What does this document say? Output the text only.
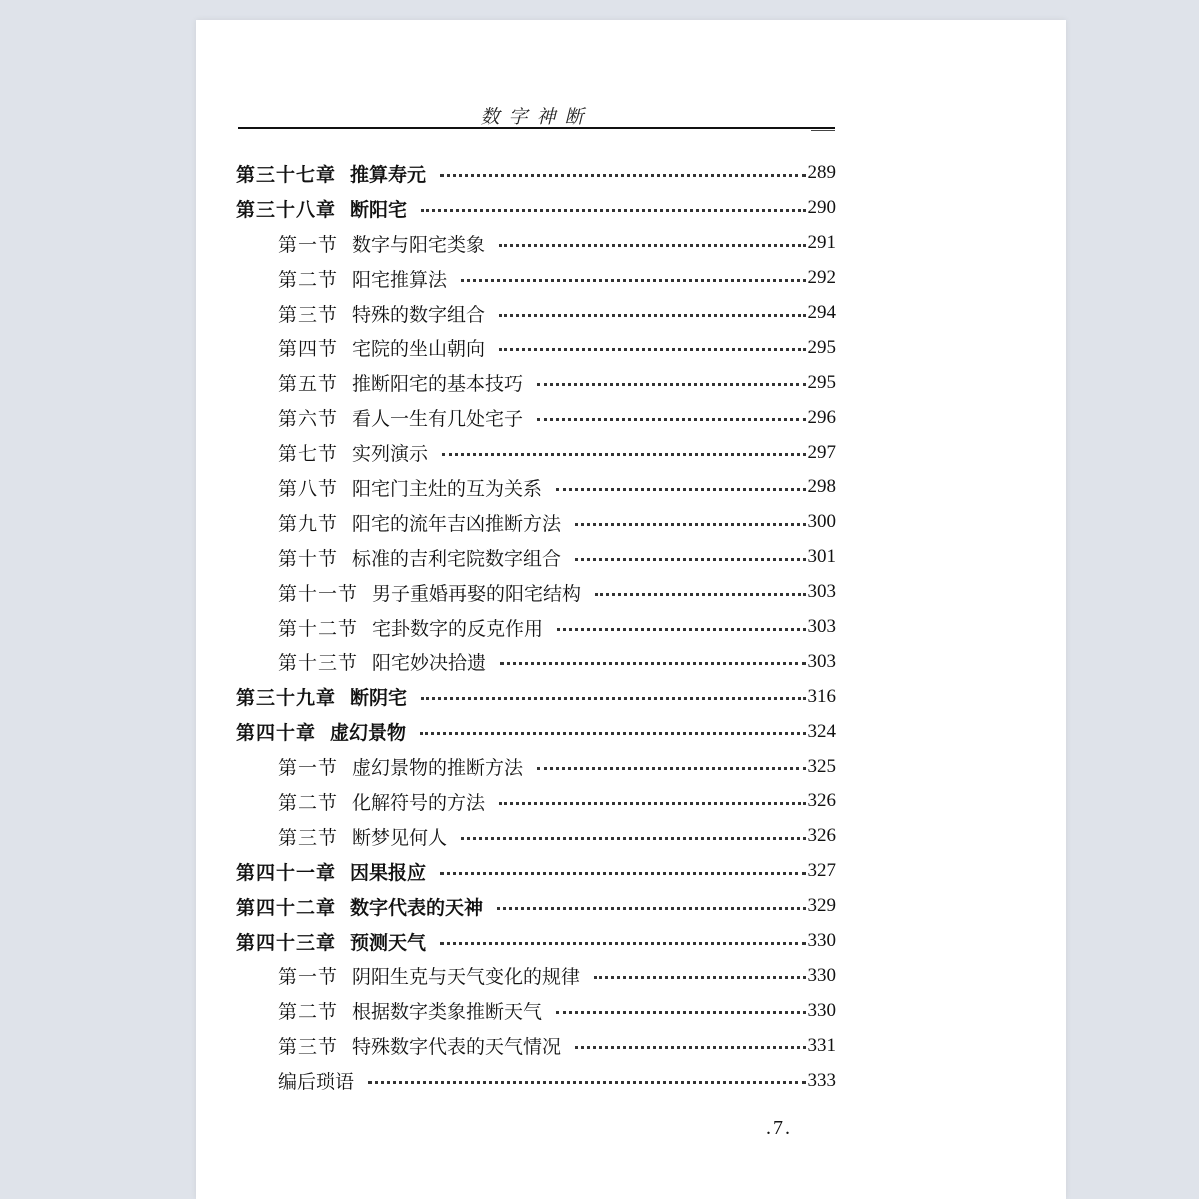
数字神断
第三十七章 推算寿元	289
第三十八章 断阳宅	290
第一节 数字与阳宅类象	291
第二节 阳宅推算法	292
第三节 特殊的数字组合	294
第四节 宅院的坐山朝向	295
第五节 推断阳宅的基本技巧	295
第六节 看人一生有几处宅子	296
第七节 实列演示	297
第八节 阳宅门主灶的互为关系	298
第九节 阳宅的流年吉凶推断方法	300
第十节 标准的吉利宅院数字组合	301
第十一节 男子重婚再娶的阳宅结构	303
第十二节 宅卦数字的反克作用	303
第十三节 阳宅妙决拾遗	303
第三十九章 断阴宅	316
第四十章 虚幻景物	324
第一节 虚幻景物的推断方法	325
第二节 化解符号的方法	326
第三节 断梦见何人	326
第四十一章 因果报应	327
第四十二章 数字代表的天神	329
第四十三章 预测天气	330
第一节 阴阳生克与天气变化的规律	330
第二节 根据数字类象推断天气	330
第三节 特殊数字代表的天气情况	331
编后琐语	333
.7.
